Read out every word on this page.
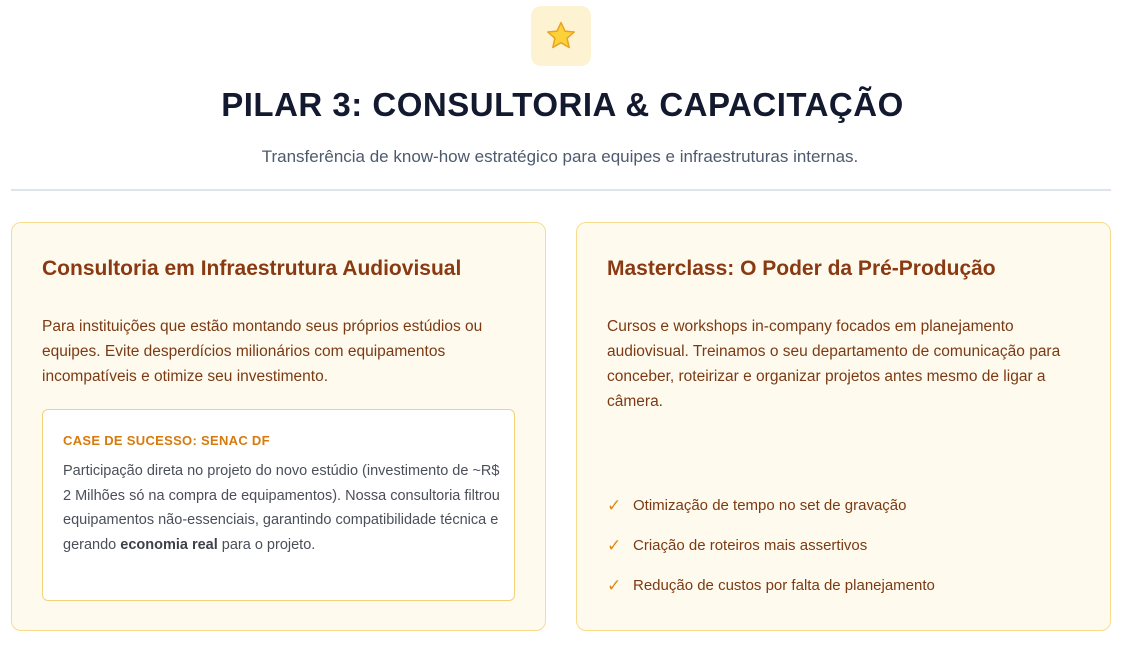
PILAR 3: CONSULTORIA & CAPACITAÇÃO

Transferência de know-how estratégico para equipes e infraestruturas internas.

Consultoria em Infraestrutura Audiovisual

Para instituições que estão montando seus próprios estúdios ou equipes. Evite desperdícios milionários com equipamentos incompatíveis e otimize seu investimento.

CASE DE SUCESSO: SENAC DF

Participação direta no projeto do novo estúdio (investimento de ~R$ 2 Milhões só na compra de equipamentos). Nossa consultoria filtrou equipamentos não-essenciais, garantindo compatibilidade técnica e gerando economia real para o projeto.

Masterclass: O Poder da Pré-Produção

Cursos e workshops in-company focados em planejamento audiovisual. Treinamos o seu departamento de comunicação para conceber, roteirizar e organizar projetos antes mesmo de ligar a câmera.

✓ Otimização de tempo no set de gravação
✓ Criação de roteiros mais assertivos
✓ Redução de custos por falta de planejamento
